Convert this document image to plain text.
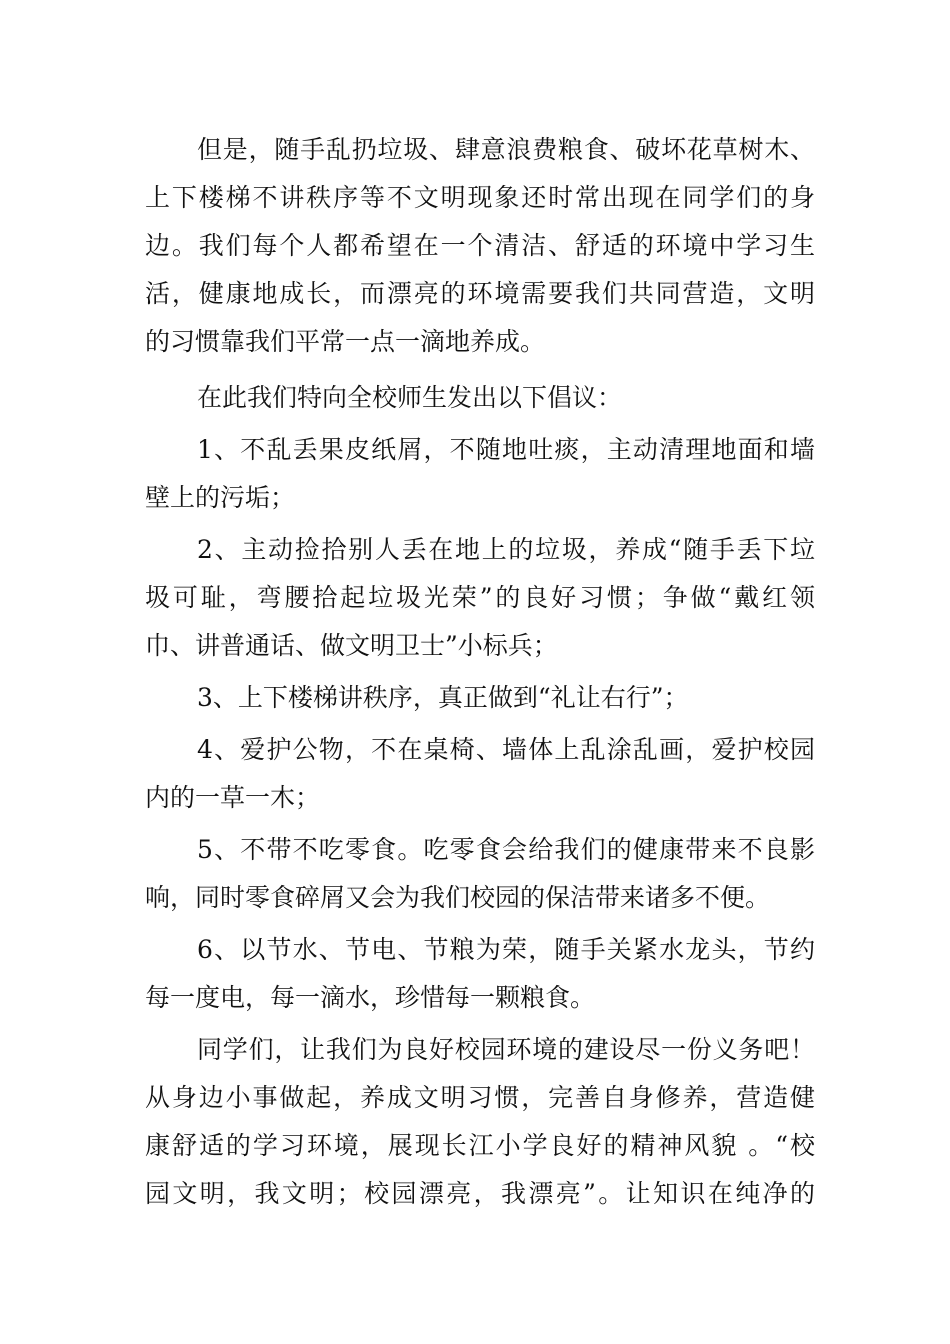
但是，随手乱扔垃圾、肆意浪费粮食、破坏花草树木、
上下楼梯不讲秩序等不文明现象还时常出现在同学们的身
边。我们每个人都希望在一个清洁、舒适的环境中学习生
活，健康地成长，而漂亮的环境需要我们共同营造，文明
的习惯靠我们平常一点一滴地养成。
在此我们特向全校师生发出以下倡议：
1、不乱丢果皮纸屑，不随地吐痰，主动清理地面和墙
壁上的污垢；
2、主动捡拾别人丢在地上的垃圾，养成“随手丢下垃
圾可耻，弯腰拾起垃圾光荣”的良好习惯；争做“戴红领
巾、讲普通话、做文明卫士”小标兵；
3、上下楼梯讲秩序，真正做到“礼让右行”；
4、爱护公物，不在桌椅、墙体上乱涂乱画，爱护校园
内的一草一木；
5、不带不吃零食。吃零食会给我们的健康带来不良影
响，同时零食碎屑又会为我们校园的保洁带来诸多不便。
6、以节水、节电、节粮为荣，随手关紧水龙头，节约
每一度电，每一滴水，珍惜每一颗粮食。
同学们，让我们为良好校园环境的建设尽一份义务吧！
从身边小事做起，养成文明习惯，完善自身修养，营造健
康舒适的学习环境，展现长江小学良好的精神风貌 。“校
园文明，我文明；校园漂亮，我漂亮”。让知识在纯净的
